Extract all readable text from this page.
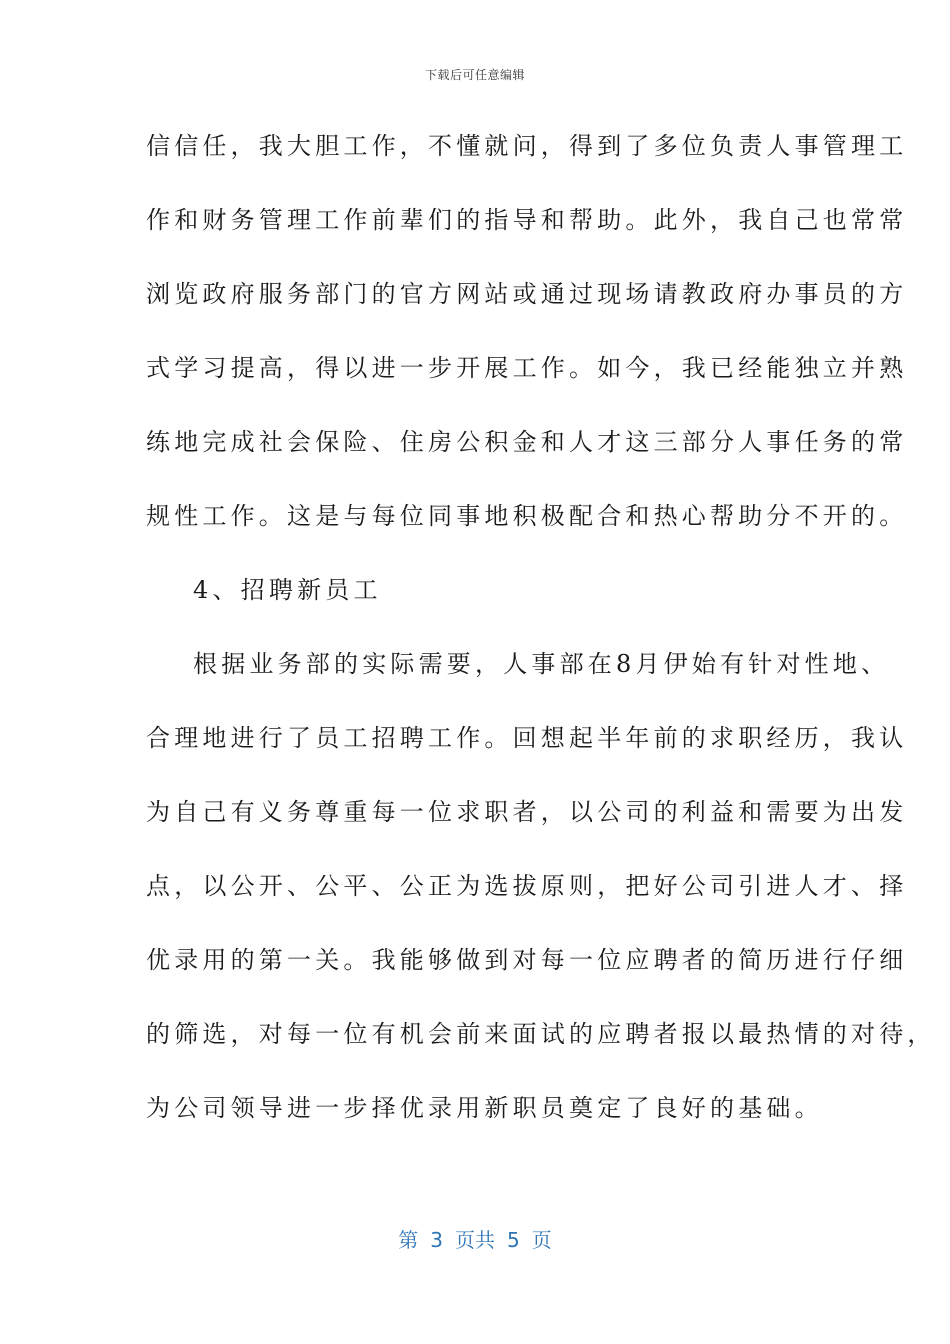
下载后可任意编辑
信信任，我大胆工作，不懂就问，得到了多位负责人事管理工
作和财务管理工作前辈们的指导和帮助。此外，我自己也常常
浏览政府服务部门的官方网站或通过现场请教政府办事员的方
式学习提高，得以进一步开展工作。如今，我已经能独立并熟
练地完成社会保险、住房公积金和人才这三部分人事任务的常
规性工作。这是与每位同事地积极配合和热心帮助分不开的。
4、招聘新员工
根据业务部的实际需要，人事部在8月伊始有针对性地、
合理地进行了员工招聘工作。回想起半年前的求职经历，我认
为自己有义务尊重每一位求职者，以公司的利益和需要为出发
点，以公开、公平、公正为选拔原则，把好公司引进人才、择
优录用的第一关。我能够做到对每一位应聘者的简历进行仔细
的筛选，对每一位有机会前来面试的应聘者报以最热情的对待，
为公司领导进一步择优录用新职员奠定了良好的基础。
第 3 页共 5 页
